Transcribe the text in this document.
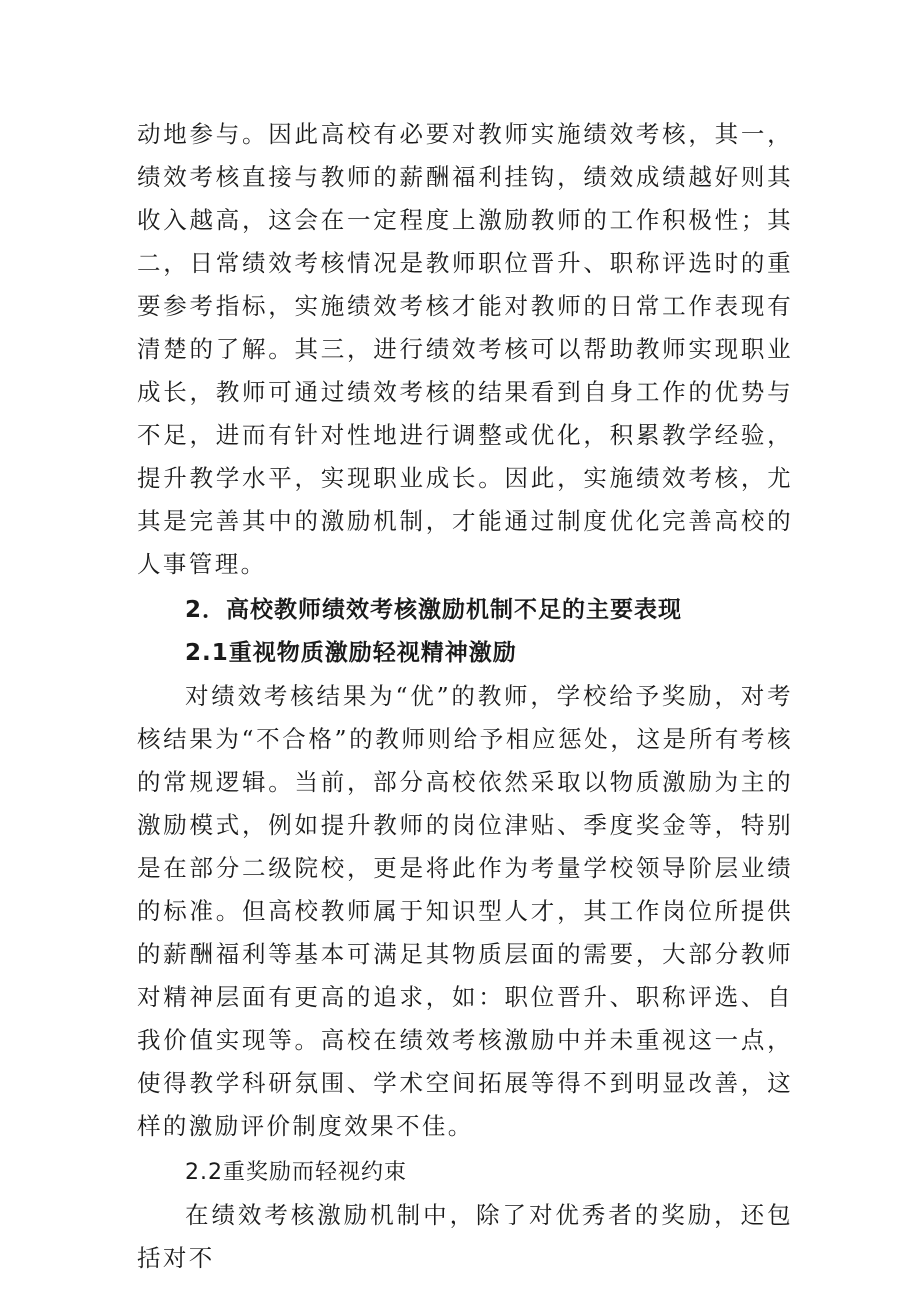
动地参与。因此高校有必要对教师实施绩效考核，其一，绩效考核直接与教师的薪酬福利挂钩，绩效成绩越好则其收入越高，这会在一定程度上激励教师的工作积极性；其二，日常绩效考核情况是教师职位晋升、职称评选时的重要参考指标，实施绩效考核才能对教师的日常工作表现有清楚的了解。其三，进行绩效考核可以帮助教师实现职业成长，教师可通过绩效考核的结果看到自身工作的优势与不足，进而有针对性地进行调整或优化，积累教学经验，提升教学水平，实现职业成长。因此，实施绩效考核，尤其是完善其中的激励机制，才能通过制度优化完善高校的人事管理。

2．高校教师绩效考核激励机制不足的主要表现

2.1重视物质激励轻视精神激励

对绩效考核结果为“优”的教师，学校给予奖励，对考核结果为“不合格”的教师则给予相应惩处，这是所有考核的常规逻辑。当前，部分高校依然采取以物质激励为主的激励模式，例如提升教师的岗位津贴、季度奖金等，特别是在部分二级院校，更是将此作为考量学校领导阶层业绩的标准。但高校教师属于知识型人才，其工作岗位所提供的薪酬福利等基本可满足其物质层面的需要，大部分教师对精神层面有更高的追求，如：职位晋升、职称评选、自我价值实现等。高校在绩效考核激励中并未重视这一点，使得教学科研氛围、学术空间拓展等得不到明显改善，这样的激励评价制度效果不佳。

2.2重奖励而轻视约束

在绩效考核激励机制中，除了对优秀者的奖励，还包括对不
